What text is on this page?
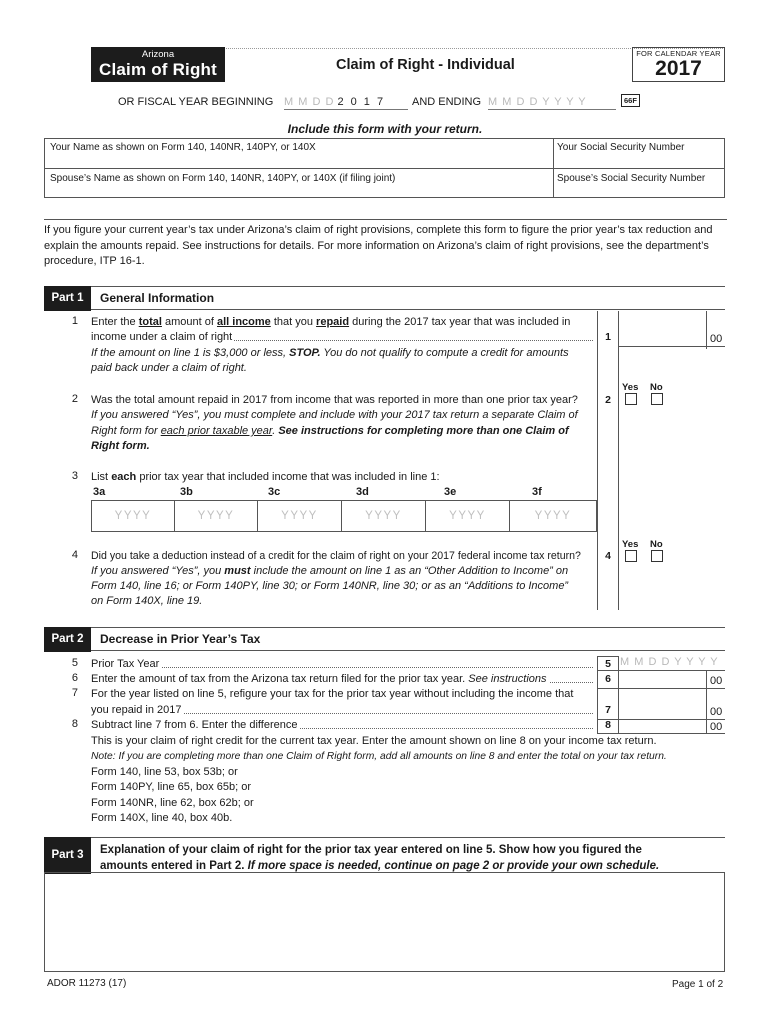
Arizona
Claim of Right	Claim of Right - Individual
FOR CALENDAR YEAR
2017
OR FISCAL YEAR BEGINNING M M D D 2 0 1 7	AND ENDING M M D D Y Y Y Y	66F
Include this form with your return.
Your Name as shown on Form 140, 140NR, 140PY, or 140X	Your Social Security Number
Spouse’s Name as shown on Form 140, 140NR, 140PY, or 140X (if filing joint)	Spouse’s Social Security Number
If you figure your current year’s tax under Arizona’s claim of right provisions, complete this form to figure the prior year’s tax reduction and explain the amounts repaid. See instructions for details. For more information on Arizona’s claim of right provisions, see the department’s procedure, ITP 16-1.
Part 1	General Information
1 Enter the total amount of all income that you repaid during the 2017 tax year that was included in
income under a claim of right	1	00
If the amount on line 1 is $3,000 or less, STOP. You do not qualify to compute a credit for amounts
paid back under a claim of right.
Yes No
2 Was the total amount repaid in 2017 from income that was reported in more than one prior tax year?	2
If you answered “Yes”, you must complete and include with your 2017 tax return a separate Claim of
Right form for each prior taxable year. See instructions for completing more than one Claim of
Right form.
3 List each prior tax year that included income that was included in line 1:
3a	3b	3c	3d	3e	3f
YYYY	YYYY	YYYY	YYYY	YYYY	YYYY
Yes No
4 Did you take a deduction instead of a credit for the claim of right on your 2017 federal income tax return?	4
If you answered “Yes”, you must include the amount on line 1 as an “Other Addition to Income” on
Form 140, line 16; or Form 140PY, line 30; or Form 140NR, line 30; or as an “Additions to Income”
on Form 140X, line 19.
Part 2	Decrease in Prior Year’s Tax
5 Prior Tax Year	5 M M D D Y Y Y Y
6 Enter the amount of tax from the Arizona tax return filed for the prior tax year. See instructions	6	00
7 For the year listed on line 5, refigure your tax for the prior tax year without including the income that
you repaid in 2017	7	00
8 Subtract line 7 from 6. Enter the difference	8	00
This is your claim of right credit for the current tax year. Enter the amount shown on line 8 on your income tax return.
Note: If you are completing more than one Claim of Right form, add all amounts on line 8 and enter the total on your tax return.
Form 140, line 53, box 53b; or
Form 140PY, line 65, box 65b; or
Form 140NR, line 62, box 62b; or
Form 140X, line 40, box 40b.
Part 3	Explanation of your claim of right for the prior tax year entered on line 5. Show how you figured the
amounts entered in Part 2. If more space is needed, continue on page 2 or provide your own schedule.
ADOR 11273 (17)	Page 1 of 2
